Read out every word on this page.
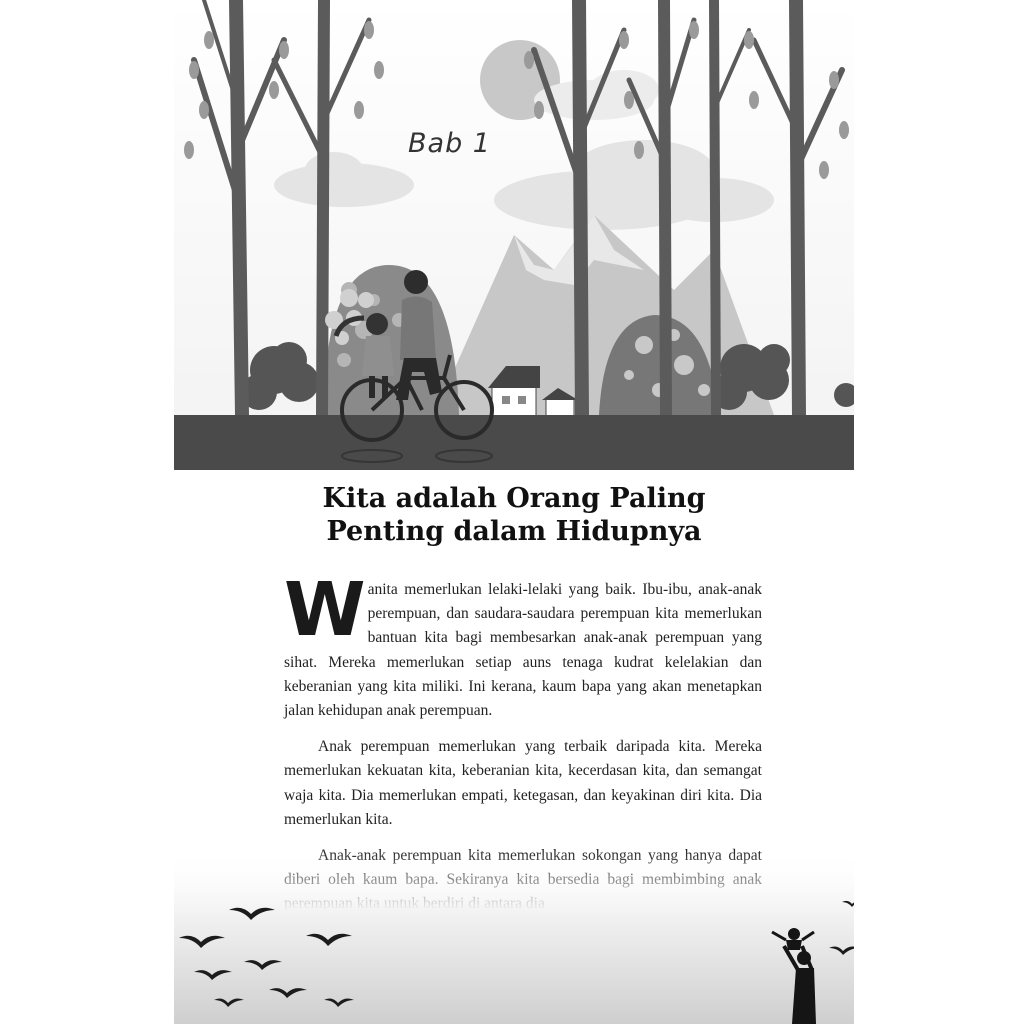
Bab 1
Kita adalah Orang Paling
Penting dalam Hidupnya

Wanita memerlukan lelaki-lelaki yang baik. Ibu-ibu, anak-anak perempuan, dan saudara-saudara perempuan kita memerlukan bantuan kita bagi membesarkan anak-anak perempuan yang sihat. Mereka memerlukan setiap auns tenaga kudrat kelelakian dan keberanian yang kita miliki. Ini kerana, kaum bapa yang akan menetapkan jalan kehidupan anak perempuan.

Anak perempuan memerlukan yang terbaik daripada kita. Mereka memerlukan kekuatan kita, keberanian kita, kecerdasan kita, dan semangat waja kita. Dia memerlukan empati, ketegasan, dan keyakinan diri kita. Dia memerlukan kita.
